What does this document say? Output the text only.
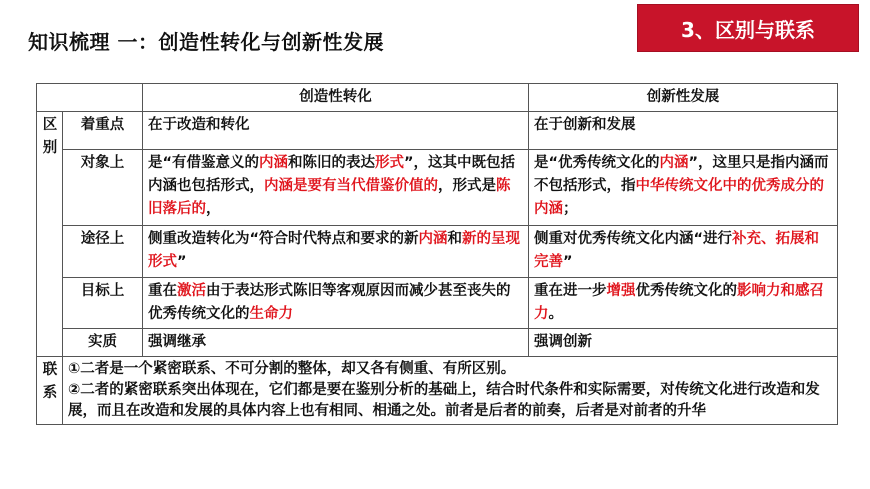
知识梳理 一：创造性转化与创新性发展
3、区别与联系
		创造性转化	创新性发展
区别	着重点	在于改造和转化	在于创新和发展
	对象上	是“有借鉴意义的内涵和陈旧的表达形式”，这其中既包括内涵也包括形式，内涵是要有当代借鉴价值的，形式是陈旧落后的，	是“优秀传统文化的内涵”，这里只是指内涵而不包括形式，指中华传统文化中的优秀成分的内涵；
	途径上	侧重改造转化为“符合时代特点和要求的新内涵和新的呈现形式”	侧重对优秀传统文化内涵“进行补充、拓展和完善”
	目标上	重在激活由于表达形式陈旧等客观原因而减少甚至丧失的优秀传统文化的生命力	重在进一步增强优秀传统文化的影响力和感召力。
	实质	强调继承	强调创新
联系	①二者是一个紧密联系、不可分割的整体，却又各有侧重、有所区别。
②二者的紧密联系突出体现在，它们都是要在鉴别分析的基础上，结合时代条件和实际需要，对传统文化进行改造和发展，而且在改造和发展的具体内容上也有相同、相通之处。前者是后者的前奏，后者是对前者的升华		
